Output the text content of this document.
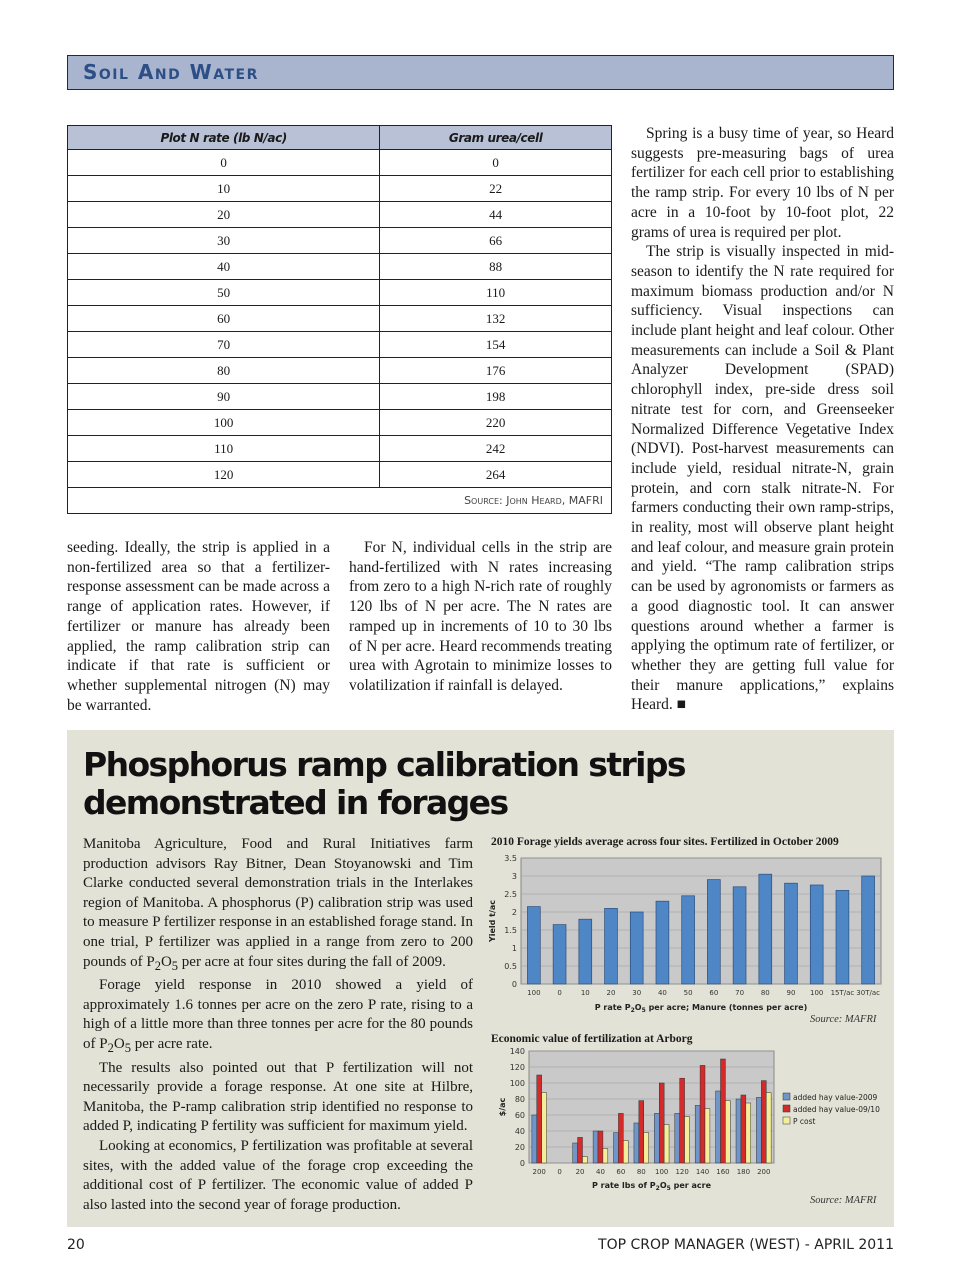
Soil And Water
Plot N rate (lb N/ac)	Gram urea/cell
0	0
10	22
20	44
30	66
40	88
50	110
60	132
70	154
80	176
90	198
100	220
110	242
120	264
Source: John Heard, MAFRI	

seeding. Ideally, the strip is applied in a non-fertilized area so that a fertilizer-response assessment can be made across a range of application rates. However, if fertilizer or manure has already been applied, the ramp calibration strip can indicate if that rate is sufficient or whether supplemental nitrogen (N) may be warranted.

For N, individual cells in the strip are hand-fertilized with N rates increasing from zero to a high N-rich rate of roughly 120 lbs of N per acre. The N rates are ramped up in increments of 10 to 30 lbs of N per acre. Heard recommends treating urea with Agrotain to minimize losses to volatilization if rainfall is delayed.

Spring is a busy time of year, so Heard suggests pre-measuring bags of urea fertilizer for each cell prior to establishing the ramp strip. For every 10 lbs of N per acre in a 10-foot by 10-foot plot, 22 grams of urea is required per plot.

The strip is visually inspected in mid-season to identify the N rate required for maximum biomass production and/or N sufficiency. Visual inspections can include plant height and leaf colour. Other measurements can include a Soil & Plant Analyzer Development (SPAD) chlorophyll index, pre-side dress soil nitrate test for corn, and Greenseeker Normalized Difference Vegetative Index (NDVI). Post-harvest measurements can include yield, residual nitrate-N, grain protein, and corn stalk nitrate-N. For farmers conducting their own ramp-strips, in reality, most will observe plant height and leaf colour, and measure grain protein and yield. “The ramp calibration strips can be used by agronomists or farmers as a good diagnostic tool. It can answer questions around whether a farmer is applying the optimum rate of fertilizer, or whether they are getting full value for their manure applications,” explains Heard. ■

Phosphorus ramp calibration strips demonstrated in forages

Manitoba Agriculture, Food and Rural Initiatives farm production advisors Ray Bitner, Dean Stoyanowski and Tim Clarke conducted several demonstration trials in the Interlakes region of Manitoba. A phosphorus (P) calibration strip was used to measure P fertilizer response in an established forage stand. In one trial, P fertilizer was applied in a range from zero to 200 pounds of $P_2O_5$ per acre at four sites during the fall of 2009.

Forage yield response in 2010 showed a yield of approximately 1.6 tonnes per acre on the zero P rate, rising to a high of a little more than three tonnes per acre for the 80 pounds of $P_2O_5$ per acre rate.

The results also pointed out that P fertilization will not necessarily provide a forage response. At one site at Hilbre, Manitoba, the P-ramp calibration strip identified no response to added P, indicating P fertility was sufficient for maximum yield.

Looking at economics, P fertilization was profitable at several sites, with the added value of the forage crop exceeding the additional cost of P fertilizer. The economic value of added P also lasted into the second year of forage production.

2010 Forage yields average across four sites. Fertilized in October 2009
0
0.5
1
1.5
2
2.5
3
3.5
Yield t/ac
100 0	10 20 30 40 50 60 70 80 90 100 15T/ac 30T/ac
P rate $P_2O_5$ per acre; Manure (tonnes per acre)
Source: MAFRI
Economic value of fertilization at Arborg
0
20
40
60
80
100
120
140
$/ac
200 0 20 40 60 80 100 120 140 160 180 200
P rate lbs of $P_2O_5$ per acre
added hay value-2009
added hay value-09/10
P cost
Source: MAFRI
20	TOP CROP MANAGER (WEST) - APRIL 2011
